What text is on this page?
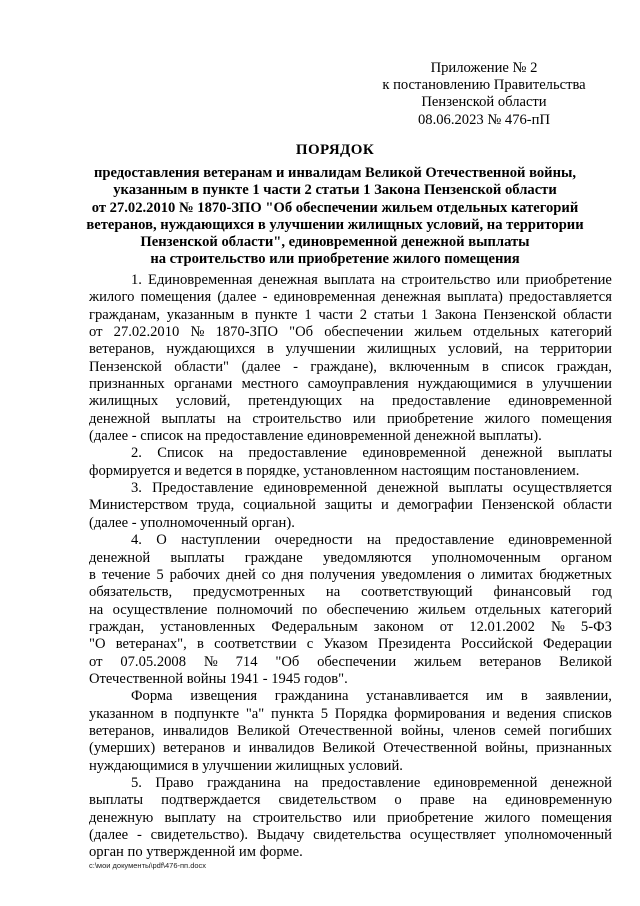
Приложение № 2
к постановлению Правительства
Пензенской области
08.06.2023 № 476-пП
ПОРЯДОК
предоставления ветеранам и инвалидам Великой Отечественной войны,
указанным в пункте 1 части 2 статьи 1 Закона Пензенской области
от 27.02.2010 № 1870-ЗПО "Об обеспечении жильем отдельных категорий
ветеранов, нуждающихся в улучшении жилищных условий, на территории
Пензенской области", единовременной денежной выплаты
на строительство или приобретение жилого помещения
1. Единовременная денежная выплата на строительство или приобретение
жилого помещения (далее - единовременная денежная выплата) предоставляется
гражданам, указанным в пункте 1 части 2 статьи 1 Закона Пензенской области
от 27.02.2010 № 1870-ЗПО "Об обеспечении жильем отдельных категорий
ветеранов, нуждающихся в улучшении жилищных условий, на территории
Пензенской области" (далее - граждане), включенным в список граждан,
признанных органами местного самоуправления нуждающимися в улучшении
жилищных условий, претендующих на предоставление единовременной
денежной выплаты на строительство или приобретение жилого помещения
(далее - список на предоставление единовременной денежной выплаты).
2. Список на предоставление единовременной денежной выплаты
формируется и ведется в порядке, установленном настоящим постановлением.
3. Предоставление единовременной денежной выплаты осуществляется
Министерством труда, социальной защиты и демографии Пензенской области
(далее - уполномоченный орган).
4. О наступлении очередности на предоставление единовременной
денежной выплаты граждане уведомляются уполномоченным органом
в течение 5 рабочих дней со дня получения уведомления о лимитах бюджетных
обязательств, предусмотренных на соответствующий финансовый год
на осуществление полномочий по обеспечению жильем отдельных категорий
граждан, установленных Федеральным законом от 12.01.2002 № 5-ФЗ
"О ветеранах", в соответствии с Указом Президента Российской Федерации
от 07.05.2008 № 714 "Об обеспечении жильем ветеранов Великой
Отечественной войны 1941 - 1945 годов".
Форма извещения гражданина устанавливается им в заявлении,
указанном в подпункте "а" пункта 5 Порядка формирования и ведения списков
ветеранов, инвалидов Великой Отечественной войны, членов семей погибших
(умерших) ветеранов и инвалидов Великой Отечественной войны, признанных
нуждающимися в улучшении жилищных условий.
5. Право гражданина на предоставление единовременной денежной
выплаты подтверждается свидетельством о праве на единовременную
денежную выплату на строительство или приобретение жилого помещения
(далее - свидетельство). Выдачу свидетельства осуществляет уполномоченный
орган по утвержденной им форме.
c:\мои документы\pdf\476-пп.docx
